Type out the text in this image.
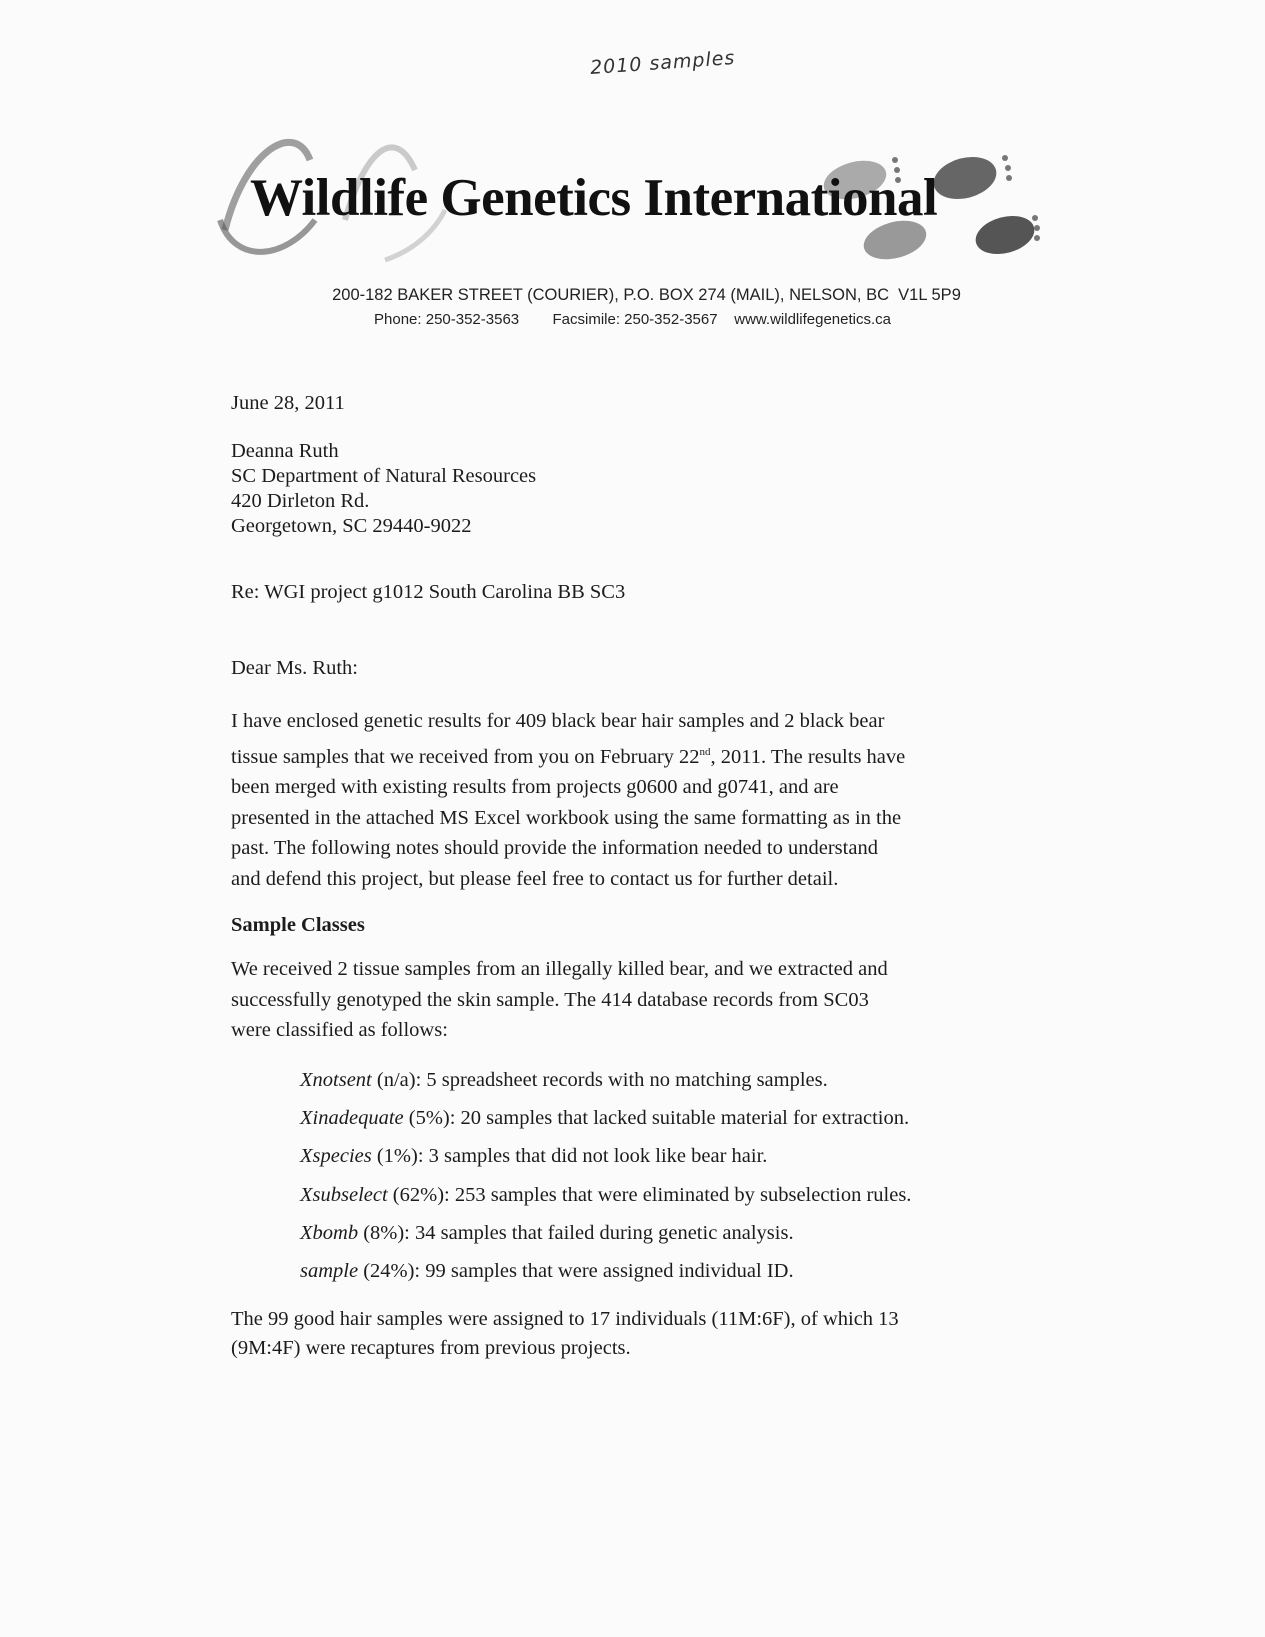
2010 samples
Wildlife Genetics International
200-182 BAKER STREET (COURIER), P.O. BOX 274 (MAIL), NELSON, BC  V1L 5P9
Phone: 250-352-3563 Facsimile: 250-352-3567 www.wildlifegenetics.ca
June 28, 2011
Deanna Ruth
SC Department of Natural Resources
420 Dirleton Rd.
Georgetown, SC 29440-9022
Re: WGI project g1012 South Carolina BB SC3
Dear Ms. Ruth:
I have enclosed genetic results for 409 black bear hair samples and 2 black bear
tissue samples that we received from you on February 22nd, 2011. The results have
been merged with existing results from projects g0600 and g0741, and are
presented in the attached MS Excel workbook using the same formatting as in the
past. The following notes should provide the information needed to understand
and defend this project, but please feel free to contact us for further detail.
Sample Classes
We received 2 tissue samples from an illegally killed bear, and we extracted and
successfully genotyped the skin sample. The 414 database records from SC03
were classified as follows:
Xnotsent (n/a): 5 spreadsheet records with no matching samples.
Xinadequate (5%): 20 samples that lacked suitable material for extraction.
Xspecies (1%): 3 samples that did not look like bear hair.
Xsubselect (62%): 253 samples that were eliminated by subselection rules.
Xbomb (8%): 34 samples that failed during genetic analysis.
sample (24%): 99 samples that were assigned individual ID.
The 99 good hair samples were assigned to 17 individuals (11M:6F), of which 13
(9M:4F) were recaptures from previous projects.
